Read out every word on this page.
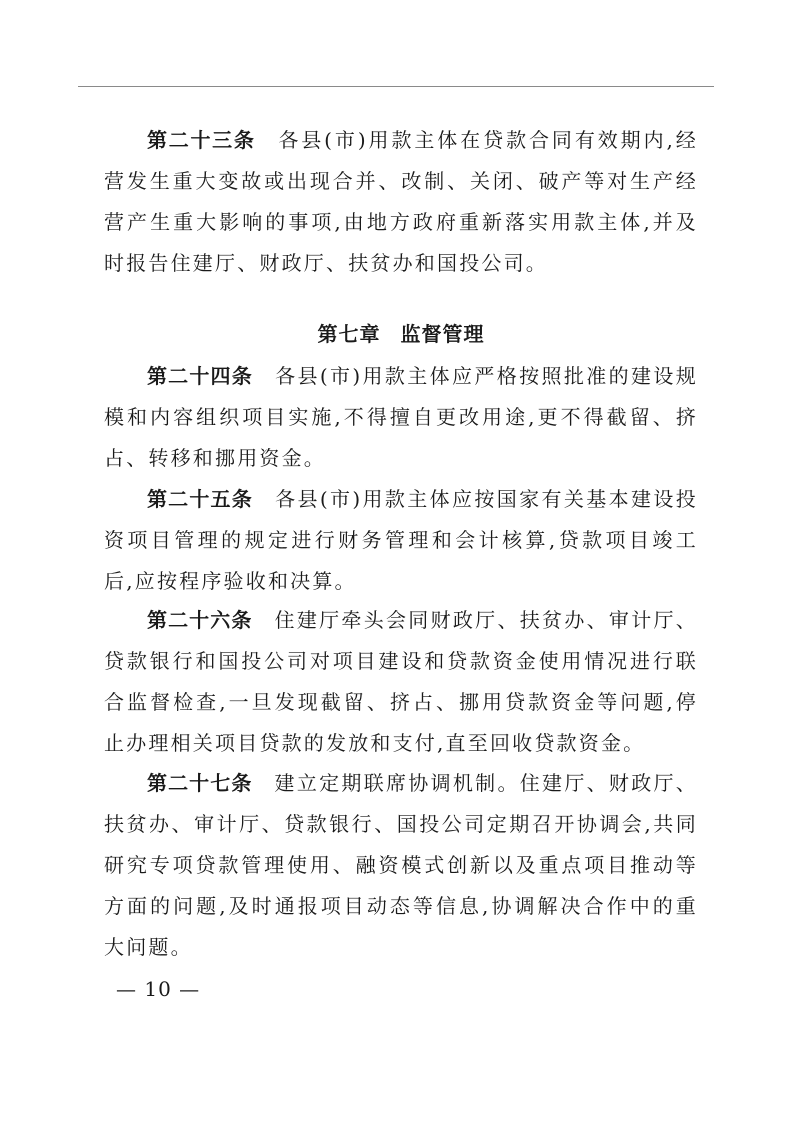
第二十三条 各县(市)用款主体在贷款合同有效期内,经营发生重大变故或出现合并、改制、关闭、破产等对生产经营产生重大影响的事项,由地方政府重新落实用款主体,并及时报告住建厅、财政厅、扶贫办和国投公司。

第七章 监督管理

第二十四条 各县(市)用款主体应严格按照批准的建设规模和内容组织项目实施,不得擅自更改用途,更不得截留、挤占、转移和挪用资金。

第二十五条 各县(市)用款主体应按国家有关基本建设投资项目管理的规定进行财务管理和会计核算,贷款项目竣工后,应按程序验收和决算。

第二十六条 住建厅牵头会同财政厅、扶贫办、审计厅、贷款银行和国投公司对项目建设和贷款资金使用情况进行联合监督检查,一旦发现截留、挤占、挪用贷款资金等问题,停止办理相关项目贷款的发放和支付,直至回收贷款资金。

第二十七条 建立定期联席协调机制。住建厅、财政厅、扶贫办、审计厅、贷款银行、国投公司定期召开协调会,共同研究专项贷款管理使用、融资模式创新以及重点项目推动等方面的问题,及时通报项目动态等信息,协调解决合作中的重大问题。

— 10 —
